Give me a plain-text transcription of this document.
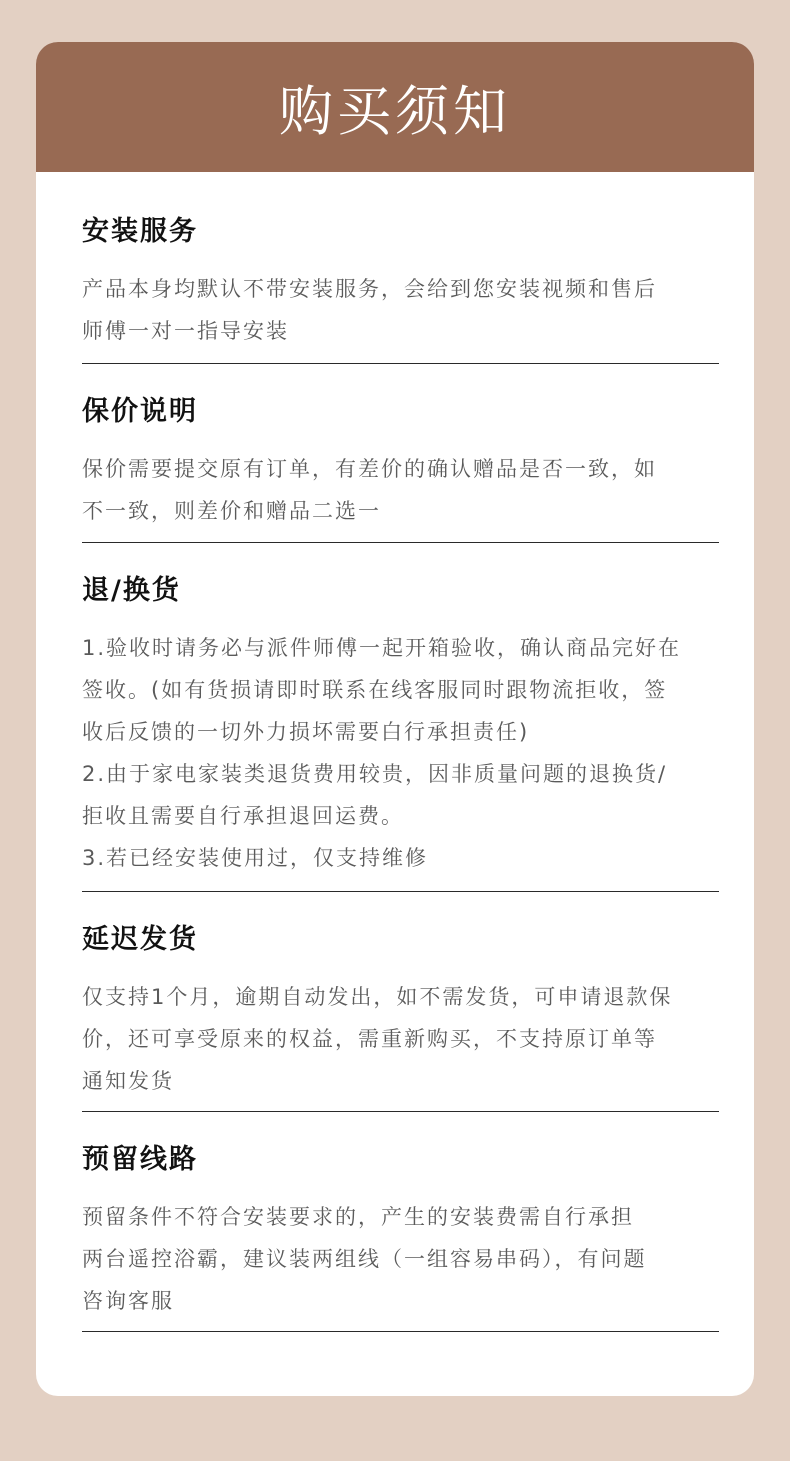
购买须知
安装服务

产品本身均默认不带安装服务，会给到您安装视频和售后

师傅一对一指导安装

保价说明

保价需要提交原有订单，有差价的确认赠品是否一致，如

不一致，则差价和赠品二选一

退/换货

1.验收时请务必与派件师傅一起开箱验收，确认商品完好在

签收。(如有货损请即时联系在线客服同时跟物流拒收，签

收后反馈的一切外力损坏需要白行承担责任)

2.由于家电家装类退货费用较贵，因非质量问题的退换货/

拒收且需要自行承担退回运费。

3.若已经安装使用过，仅支持维修

延迟发货

仅支持1个月，逾期自动发出，如不需发货，可申请退款保

价，还可享受原来的权益，需重新购买，不支持原订单等

通知发货

预留线路

预留条件不符合安装要求的，产生的安装费需自行承担

两台遥控浴霸，建议装两组线（一组容易串码），有问题

咨询客服
